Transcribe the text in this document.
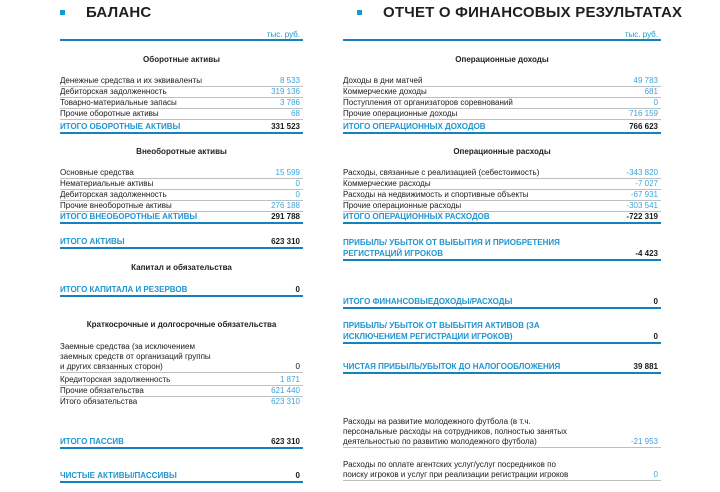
БАЛАНС
тыс. руб.
Оборотные активы
Денежные средства и их эквиваленты	8 533
Дебиторская задолженность	319 136
Товарно-материальные запасы	3 786
Прочие оборотные активы	68
ИТОГО ОБОРОТНЫЕ АКТИВЫ	331 523
Внеоборотные активы
Основные средства	15 599
Нематериальные активы	0
Дебиторская задолженность	0
Прочие внеоборотные активы	276 188
ИТОГО ВНЕОБОРОТНЫЕ АКТИВЫ	291 788
ИТОГО АКТИВЫ	623 310
Капитал и обязательства
ИТОГО КАПИТАЛА И РЕЗЕРВОВ	0
Краткосрочные и долгосрочные обязательства
Заемные средства (за исключением
заемных средств от организаций группы
и других связанных сторон)	0
Кредиторская задолженность	1 871
Прочие обязательства	621 440
Итого обязательства	623 310
ИТОГО ПАССИВ	623 310
ЧИСТЫЕ АКТИВЫ/ПАССИВЫ	0
ОТЧЕТ О ФИНАНСОВЫХ РЕЗУЛЬТАТАХ
тыс. руб.
Операционные доходы
Доходы в дни матчей	49 783
Коммерческие доходы	681
Поступления от организаторов соревнований	0
Прочие операционные доходы	716 159
ИТОГО ОПЕРАЦИОННЫХ ДОХОДОВ	766 623
Операционные расходы
Расходы, связанные с реализацией (себестоимость)	-343 820
Коммерческие расходы	-7 027
Расходы на недвижимость и спортивные объекты	-67 931
Прочие операционные расходы	-303 541
ИТОГО ОПЕРАЦИОННЫХ РАСХОДОВ	-722 319
ПРИБЫЛЬ/ УБЫТОК ОТ ВЫБЫТИЯ И ПРИОБРЕТЕНИЯ
РЕГИСТРАЦИЙ ИГРОКОВ	-4 423
ИТОГО ФИНАНСОВЫЕДОХОДЫ/РАСХОДЫ	0
ПРИБЫЛЬ/ УБЫТОК ОТ ВЫБЫТИЯ АКТИВОВ (ЗА
ИСКЛЮЧЕНИЕМ РЕГИСТРАЦИИ ИГРОКОВ)	0
ЧИСТАЯ ПРИБЫЛЬ/УБЫТОК ДО НАЛОГООБЛОЖЕНИЯ	39 881
Расходы на развитие молодежного футбола (в т.ч.
персональные расходы на сотрудников, полностью занятых
деятельностью по развитию молодежного футбола)	-21 953
Расходы по оплате агентских услуг/услуг посредников по
поиску игроков и услуг при реализации регистрации игроков	0
